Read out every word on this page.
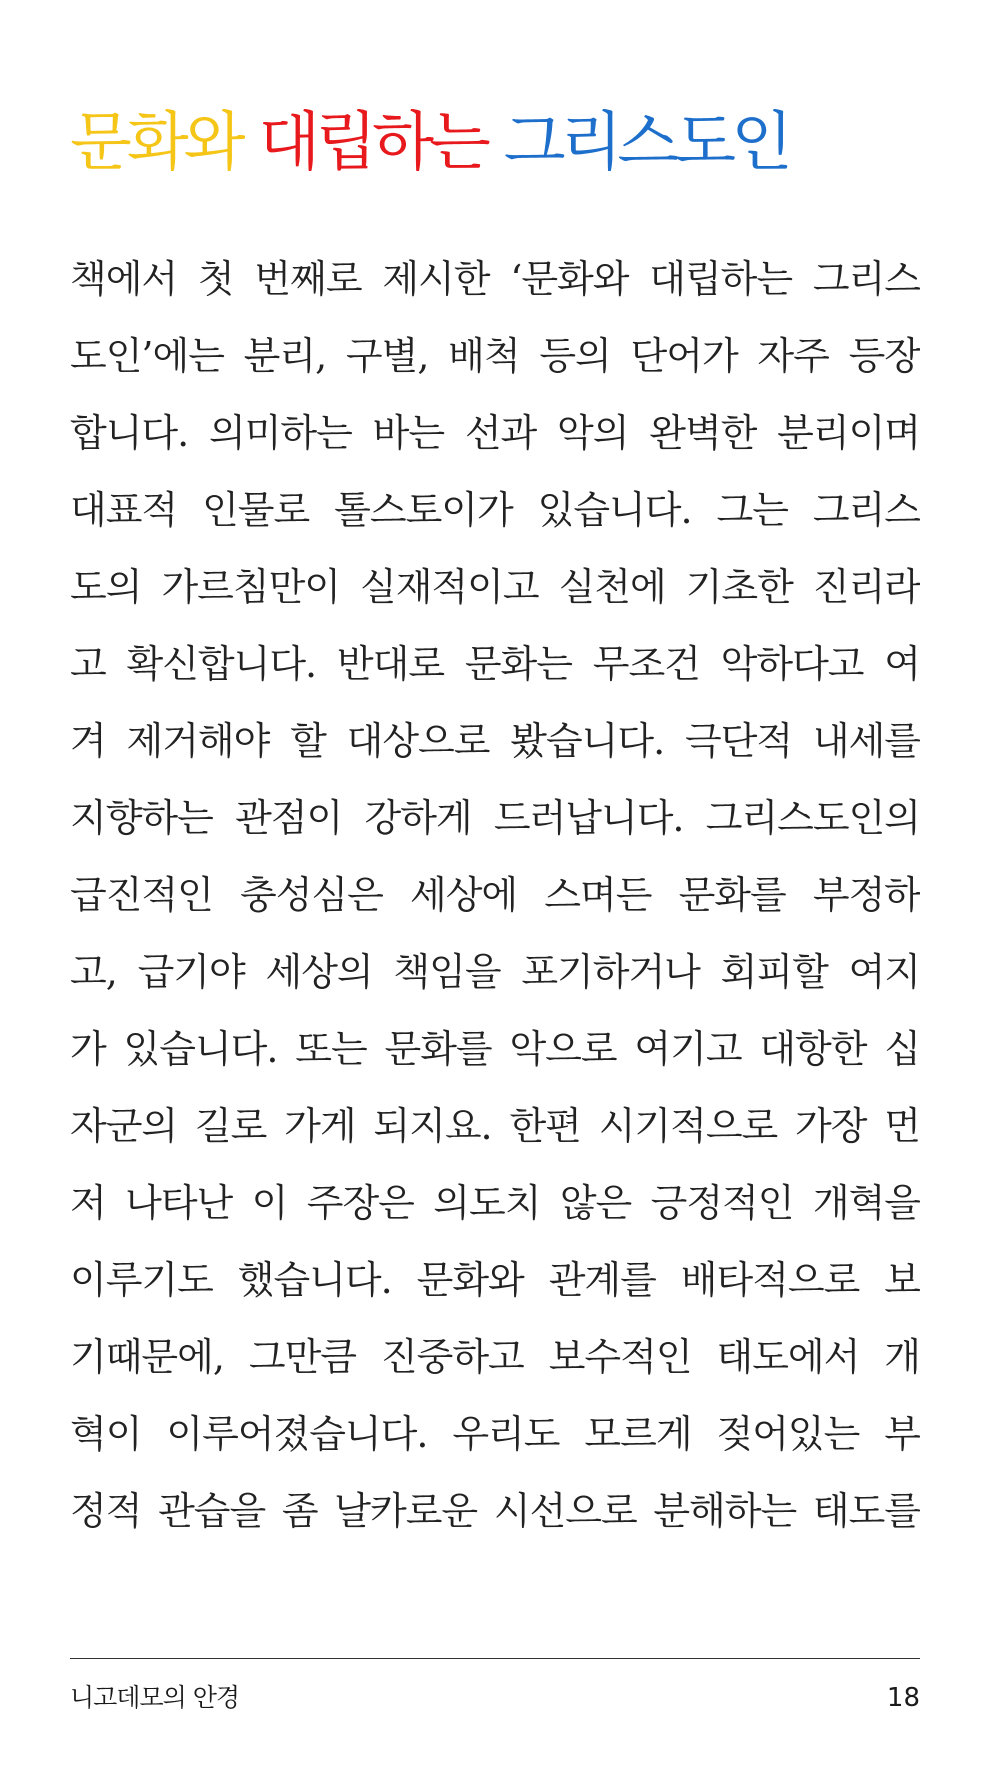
문화와 대립하는 그리스도인
책에서 첫 번째로 제시한 ‘문화와 대립하는 그리스
도인’에는 분리, 구별, 배척 등의 단어가 자주 등장
합니다. 의미하는 바는 선과 악의 완벽한 분리이며
대표적 인물로 톨스토이가 있습니다. 그는 그리스
도의 가르침만이 실재적이고 실천에 기초한 진리라
고 확신합니다. 반대로 문화는 무조건 악하다고 여
겨 제거해야 할 대상으로 봤습니다. 극단적 내세를
지향하는 관점이 강하게 드러납니다. 그리스도인의
급진적인 충성심은 세상에 스며든 문화를 부정하
고, 급기야 세상의 책임을 포기하거나 회피할 여지
가 있습니다. 또는 문화를 악으로 여기고 대항한 십
자군의 길로 가게 되지요. 한편 시기적으로 가장 먼
저 나타난 이 주장은 의도치 않은 긍정적인 개혁을
이루기도 했습니다. 문화와 관계를 배타적으로 보
기때문에, 그만큼 진중하고 보수적인 태도에서 개
혁이 이루어졌습니다. 우리도 모르게 젖어있는 부
정적 관습을 좀 날카로운 시선으로 분해하는 태도를
니고데모의 안경	18
